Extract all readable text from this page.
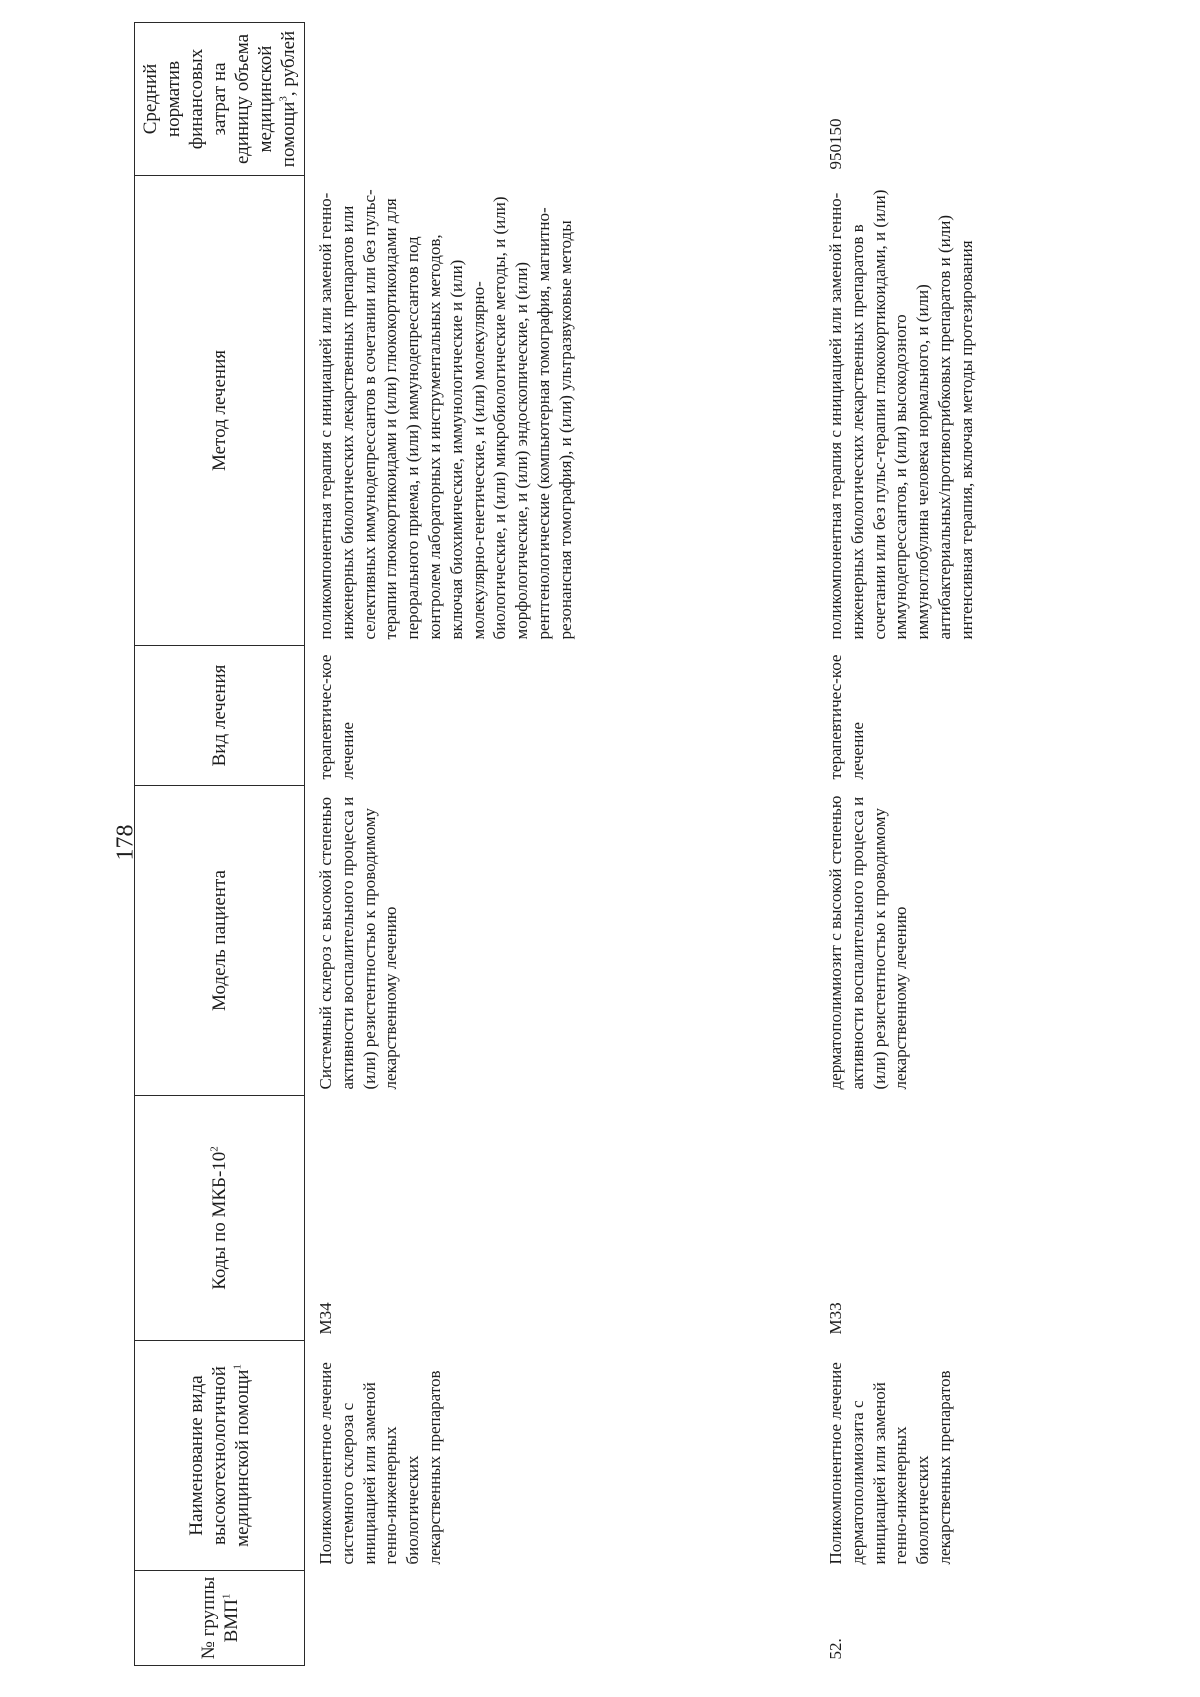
178
№ группы ВМП$^1$	Наименование вида высокотехнологичной медицинской помощи$^1$	Коды по МКБ-$10^2$	Модель пациента	Вид лечения	Метод лечения	Средний норматив финансовых затрат на единицу объема медицинской помощи$^3$, рублей
	Поликомпонентное лечение системного склероза с инициацией или заменой генно-инженерных биологических лекарственных препаратов	M34	Системный склероз с высокой степенью активности воспалительного процесса и (или) резистентностью к проводимому лекарственному лечению	терапевтичес-кое лечение	поликомпонентная терапия с инициацией или заменой генно-инженерных биологических лекарственных препаратов или селективных иммунодепрессантов в сочетании или без пульс-терапии глюкокортикоидами и (или) глюкокортикоидами для перорального приема, и (или) иммунодепрессантов под контролем лабораторных и инструментальных методов, включая биохимические, иммунологические и (или) молекулярно-генетические, и (или) молекулярно-биологические, и (или) микробиологические методы, и (или) морфологические, и (или) эндоскопические, и (или) рентгенологические (компьютерная томография, магнитно-резонансная томография), и (или) ультразвуковые методы	
52.	Поликомпонентное лечение дерматополимиозита с инициацией или заменой генно-инженерных биологических лекарственных препаратов	M33	дерматополимиозит с высокой степенью активности воспалительного процесса и (или) резистентностью к проводимому лекарственному лечению	терапевтичес-кое лечение	поликомпонентная терапия с инициацией или заменой генно-инженерных биологических лекарственных препаратов в сочетании или без пульс-терапии глюкокортикоидами, и (или) иммунодепрессантов, и (или) высокодозного иммуноглобулина человека нормального, и (или) антибактериальных/противогрибковых препаратов и (или) интенсивная терапия, включая методы протезирования	950150
